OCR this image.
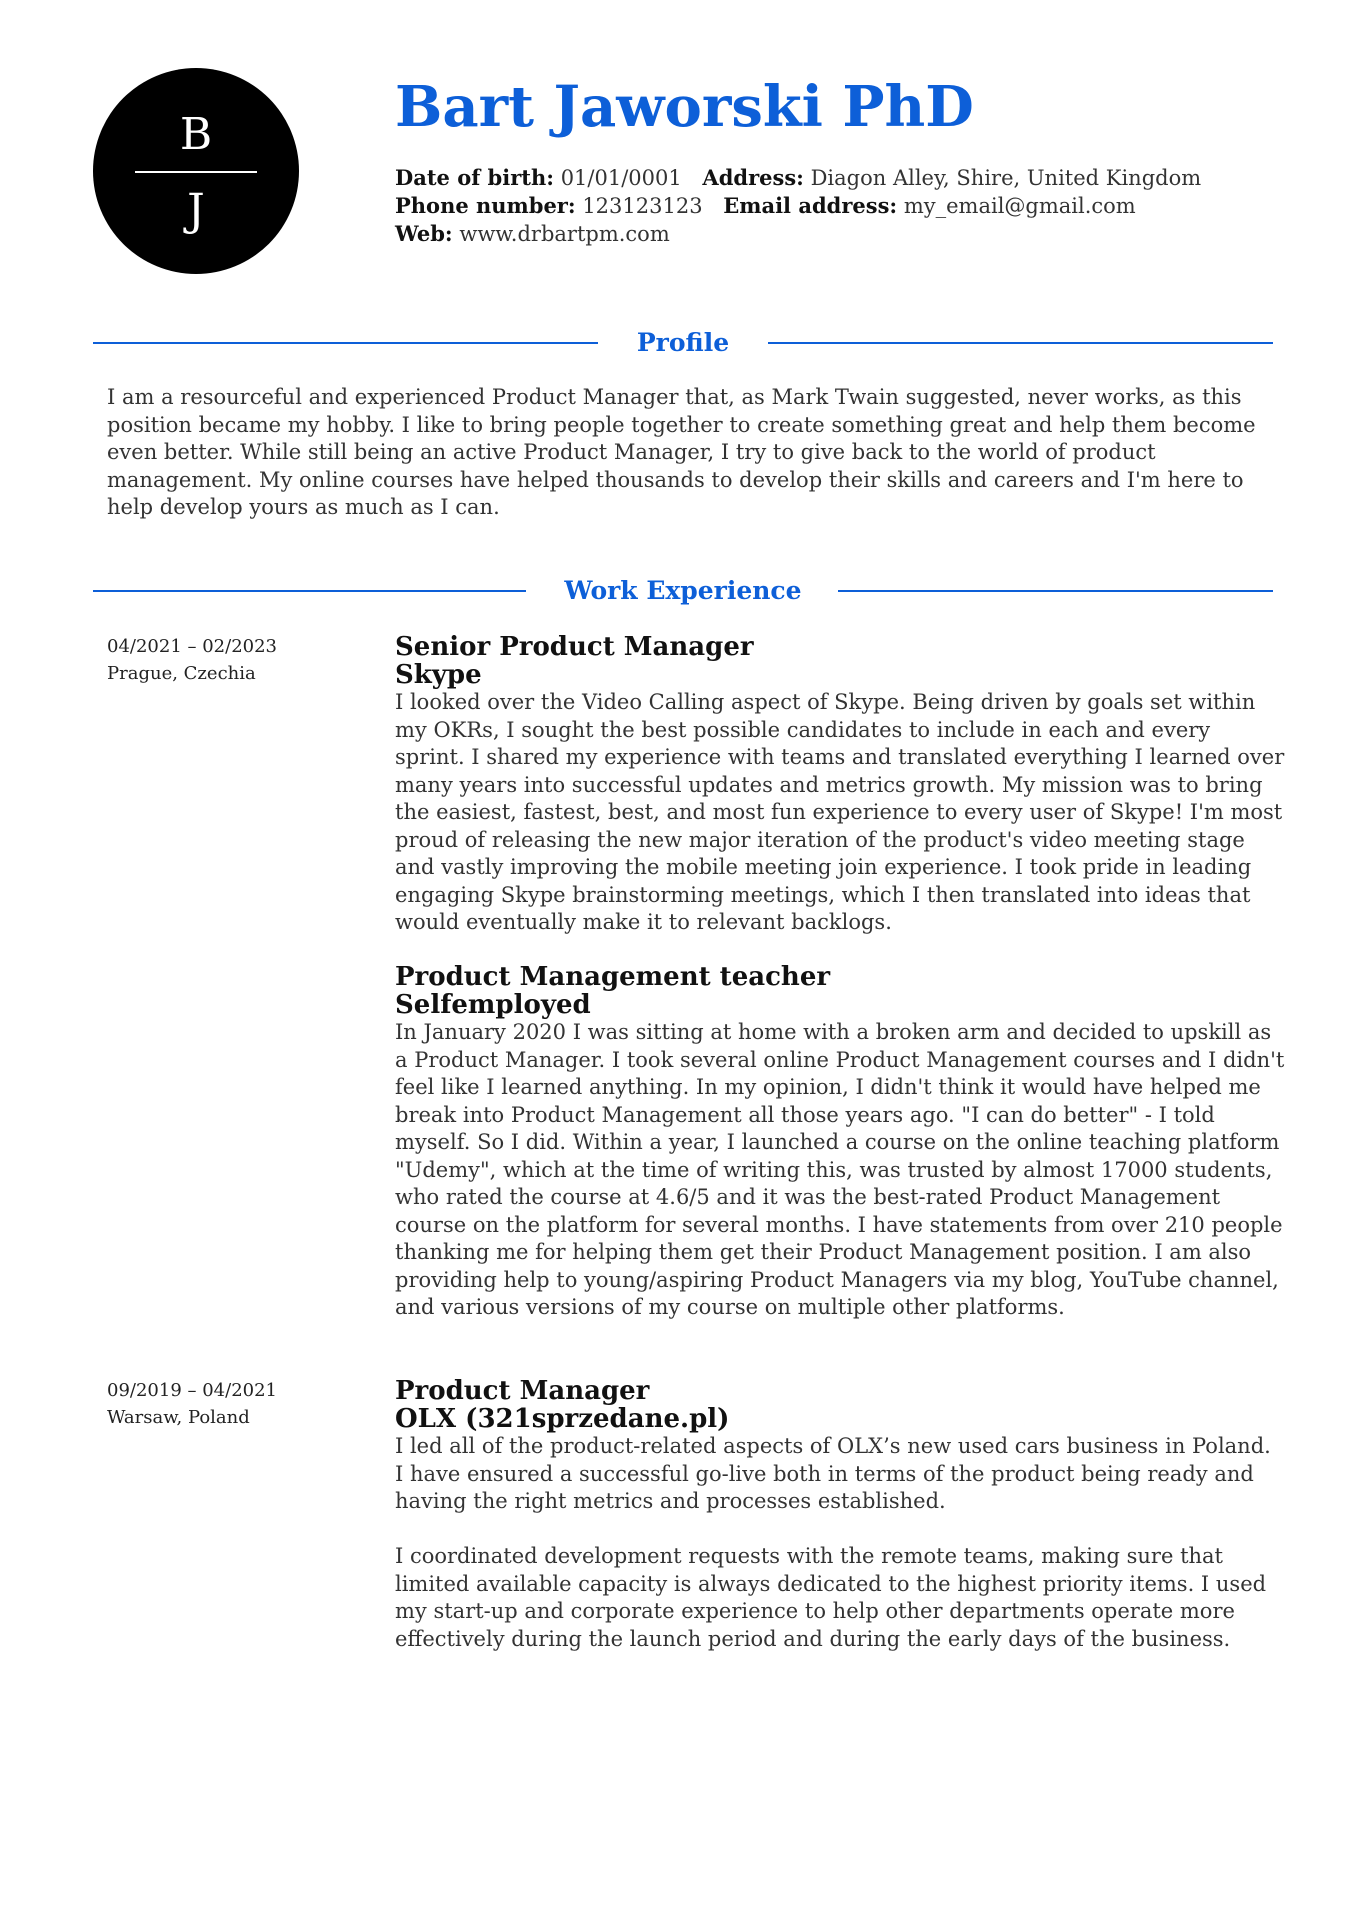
B
J
Bart Jaworski PhD
Date of birth: 01/01/0001 Address: Diagon Alley, Shire, United Kingdom
Phone number: 123123123 Email address: my_email@gmail.com
Web: www.drbartpm.com
Profile

I am a resourceful and experienced Product Manager that, as Mark Twain suggested, never works, as this position became my hobby. I like to bring people together to create something great and help them become even better. While still being an active Product Manager, I try to give back to the world of product management. My online courses have helped thousands to develop their skills and careers and I'm here to help develop yours as much as I can.

Work Experience
04/2021 – 02/2023
Prague, Czechia
Senior Product Manager
Skype

I looked over the Video Calling aspect of Skype. Being driven by goals set within my OKRs, I sought the best possible candidates to include in each and every sprint. I shared my experience with teams and translated everything I learned over many years into successful updates and metrics growth. My mission was to bring the easiest, fastest, best, and most fun experience to every user of Skype! I'm most proud of releasing the new major iteration of the product's video meeting stage and vastly improving the mobile meeting join experience. I took pride in leading engaging Skype brainstorming meetings, which I then translated into ideas that would eventually make it to relevant backlogs.

Product Management teacher
Selfemployed

In January 2020 I was sitting at home with a broken arm and decided to upskill as a Product Manager. I took several online Product Management courses and I didn't feel like I learned anything. In my opinion, I didn't think it would have helped me break into Product Management all those years ago. "I can do better" - I told myself. So I did. Within a year, I launched a course on the online teaching platform "Udemy", which at the time of writing this, was trusted by almost 17000 students, who rated the course at 4.6/5 and it was the best-rated Product Management course on the platform for several months. I have statements from over 210 people thanking me for helping them get their Product Management position. I am also providing help to young/aspiring Product Managers via my blog, YouTube channel, and various versions of my course on multiple other platforms.

09/2019 – 04/2021
Warsaw, Poland
Product Manager
OLX (321sprzedane.pl)

I led all of the product-related aspects of OLX’s new used cars business in Poland. I have ensured a successful go-live both in terms of the product being ready and having the right metrics and processes established.

I coordinated development requests with the remote teams, making sure that limited available capacity is always dedicated to the highest priority items. I used my start-up and corporate experience to help other departments operate more effectively during the launch period and during the early days of the business.
